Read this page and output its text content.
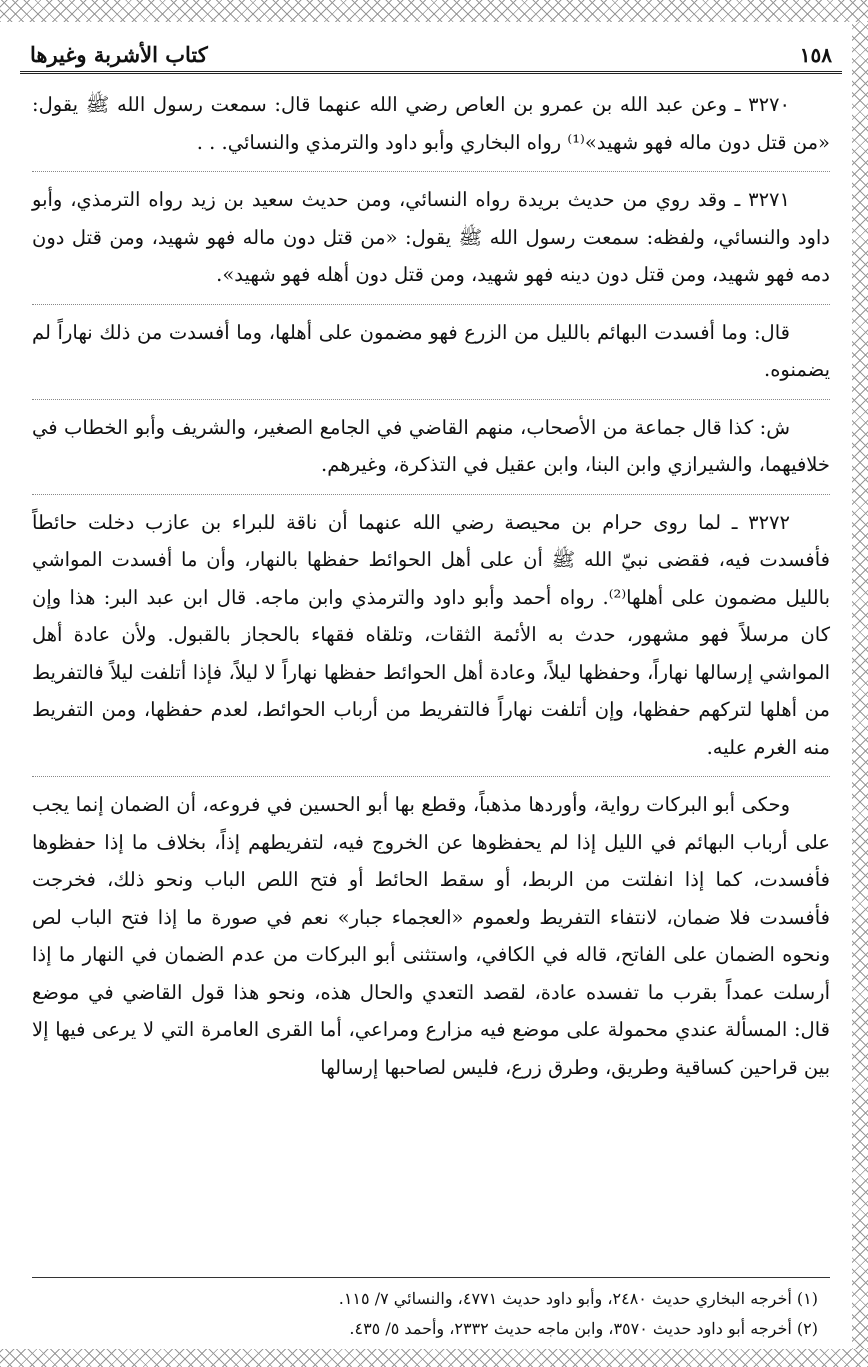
١٥٨
كتاب الأشربة وغيرها

٣٢٧٠ ـ وعن عبد الله بن عمرو بن العاص رضي الله عنهما قال: سمعت رسول الله ﷺ يقول: «من قتل دون ماله فهو شهيد»⁽¹⁾ رواه البخاري وأبو داود والترمذي والنسائي. . .

٣٢٧١ ـ وقد روي من حديث بريدة رواه النسائي، ومن حديث سعيد بن زيد رواه الترمذي، وأبو داود والنسائي، ولفظه: سمعت رسول الله ﷺ يقول: «من قتل دون ماله فهو شهيد، ومن قتل دون دمه فهو شهيد، ومن قتل دون دينه فهو شهيد، ومن قتل دون أهله فهو شهيد».

قال: وما أفسدت البهائم بالليل من الزرع فهو مضمون على أهلها، وما أفسدت من ذلك نهاراً لم يضمنوه.

ش: كذا قال جماعة من الأصحاب، منهم القاضي في الجامع الصغير، والشريف وأبو الخطاب في خلافيهما، والشيرازي وابن البنا، وابن عقيل في التذكرة، وغيرهم.

٣٢٧٢ ـ لما روى حرام بن محيصة رضي الله عنهما أن ناقة للبراء بن عازب دخلت حائطاً فأفسدت فيه، فقضى نبيّ الله ﷺ أن على أهل الحوائط حفظها بالنهار، وأن ما أفسدت المواشي بالليل مضمون على أهلها⁽²⁾. رواه أحمد وأبو داود والترمذي وابن ماجه. قال ابن عبد البر: هذا وإن كان مرسلاً فهو مشهور، حدث به الأئمة الثقات، وتلقاه فقهاء بالحجاز بالقبول. ولأن عادة أهل المواشي إرسالها نهاراً، وحفظها ليلاً، وعادة أهل الحوائط حفظها نهاراً لا ليلاً، فإذا أتلفت ليلاً فالتفريط من أهلها لتركهم حفظها، وإن أتلفت نهاراً فالتفريط من أرباب الحوائط، لعدم حفظها، ومن التفريط منه الغرم عليه.

وحكى أبو البركات رواية، وأوردها مذهباً، وقطع بها أبو الحسين في فروعه، أن الضمان إنما يجب على أرباب البهائم في الليل إذا لم يحفظوها عن الخروج فيه، لتفريطهم إذاً، بخلاف ما إذا حفظوها فأفسدت، كما إذا انفلتت من الربط، أو سقط الحائط أو فتح اللص الباب ونحو ذلك، فخرجت فأفسدت فلا ضمان، لانتفاء التفريط ولعموم «العجماء جبار» نعم في صورة ما إذا فتح الباب لص ونحوه الضمان على الفاتح، قاله في الكافي، واستثنى أبو البركات من عدم الضمان في النهار ما إذا أرسلت عمداً بقرب ما تفسده عادة، لقصد التعدي والحال هذه، ونحو هذا قول القاضي في موضع قال: المسألة عندي محمولة على موضع فيه مزارع ومراعي، أما القرى العامرة التي لا يرعى فيها إلا بين قراحين كساقية وطريق، وطرق زرع، فليس لصاحبها إرسالها

(١) أخرجه البخاري حديث ٢٤٨٠، وأبو داود حديث ٤٧٧١، والنسائي ٧/ ١١٥.
(٢) أخرجه أبو داود حديث ٣٥٧٠، وابن ماجه حديث ٢٣٣٢، وأحمد ٥/ ٤٣٥.
